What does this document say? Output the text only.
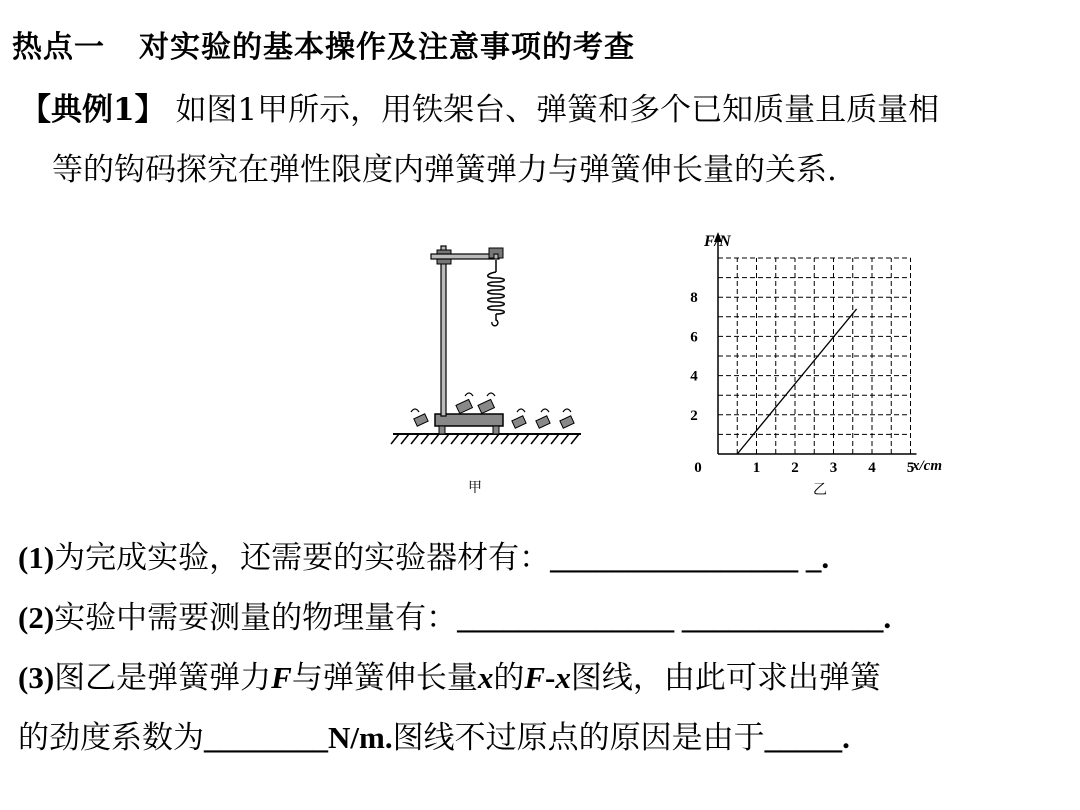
热点一 对实验的基本操作及注意事项的考查
【典例1】 如图1甲所示，用铁架台、弹簧和多个已知质量且质量相
等的钩码探究在弹性限度内弹簧弹力与弹簧伸长量的关系.
甲
0	1 2 3 4 5
2
4
6
8
F/N
x/cm
乙
(1)为完成实验，还需要的实验器材有：________________ _.
(2)实验中需要测量的物理量有：______________ _____________.
(3)图乙是弹簧弹力F与弹簧伸长量x的F-x图线，由此可求出弹簧
的劲度系数为________N/m.图线不过原点的原因是由于_____.
